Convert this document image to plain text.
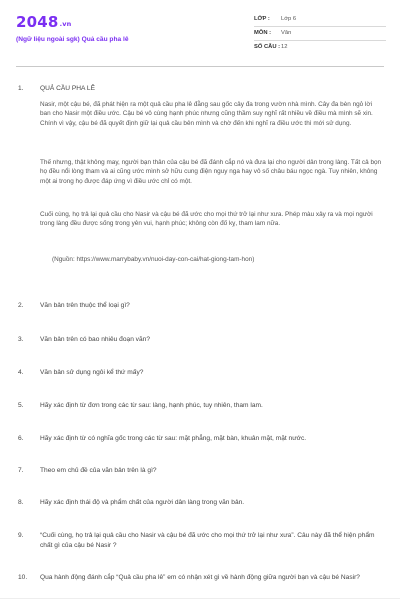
2048.vn
(Ngữ liệu ngoài sgk) Quả cầu pha lê
LỚP : Lớp 6
MÔN : Văn
SỐ CÂU : 12
1.	QUẢ CẦU PHA LÊ

Nasir, một cậu bé, đã phát hiện ra một quả cầu pha lê đằng sau gốc cây đa trong vườn nhà mình. Cây đa bèn ngỏ lời ban cho Nasir một điều ước. Cậu bé vô cùng hạnh phúc nhưng cũng thầm suy nghĩ rất nhiều về điều mà mình sẽ xin. Chính vì vậy, cậu bé đã quyết định giữ lại quả cầu bên mình và chờ đến khi nghĩ ra điều ước thì mới sử dụng.

Thế nhưng, thật không may, người bạn thân của cậu bé đã đánh cắp nó và đưa lại cho người dân trong làng. Tất cả bọn họ đều nổi lòng tham và ai cũng ước mình sở hữu cung điện nguy nga hay vô số châu báu ngọc ngà. Tuy nhiên, không một ai trong họ được đáp ứng vì điều ước chỉ có một.

Cuối cùng, họ trả lại quả cầu cho Nasir và cậu bé đã ước cho mọi thứ trở lại như xưa. Phép màu xảy ra và mọi người trong làng đều được sống trong yên vui, hạnh phúc; không còn đố kỵ, tham lam nữa.

(Nguồn: https://www.marrybaby.vn/nuoi-day-con-cai/hat-giong-tam-hon)
2.	Văn bản trên thuộc thể loại gì?
3.	Văn bản trên có bao nhiêu đoạn văn?
4.	Văn bản sử dụng ngôi kể thứ mấy?
5.	Hãy xác định từ đơn trong các từ sau: làng, hạnh phúc, tuy nhiên, tham lam.
6.	Hãy xác định từ có nghĩa gốc trong các từ sau: mặt phẳng, mặt bàn, khuân mặt, mặt nước.
7.	Theo em chủ đề của văn bản trên là gì?
8.	Hãy xác định thái độ và phẩm chất của người dân làng trong văn bản.
9.	“Cuối cùng, họ trả lại quả cầu cho Nasir và cậu bé đã ước cho mọi thứ trở lại như xưa”. Câu này đã thể hiện phẩm chất gì của cậu bé Nasir ?
10.	Qua hành động đánh cắp “Quả cầu pha lê” em có nhận xét gì về hành động giữa người bạn và cậu bé Nasir?
